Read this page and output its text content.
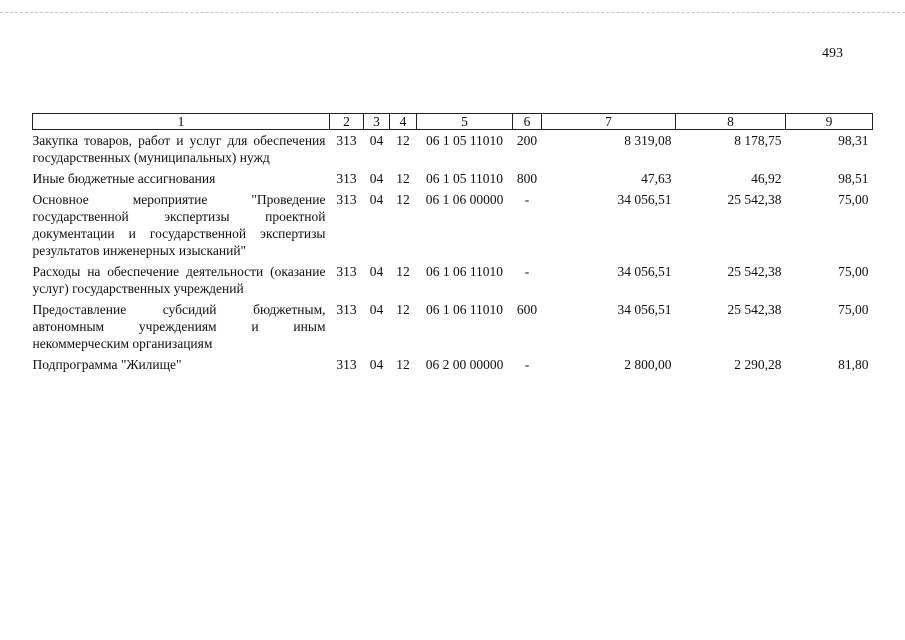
493
1	2	3	4	5	6	7	8	9
Закупка товаров, работ и услуг для обеспечения государственных (муниципальных) нужд	313	04	12	06 1 05 11010	200	8 319,08	8 178,75	98,31
Иные бюджетные ассигнования	313	04	12	06 1 05 11010	800	47,63	46,92	98,51
Основное мероприятие "Проведение государственной экспертизы проектной документации и государственной экспертизы результатов инженерных изысканий"	313	04	12	06 1 06 00000	-	34 056,51	25 542,38	75,00
Расходы на обеспечение деятельности (оказание услуг) государственных учреждений	313	04	12	06 1 06 11010	-	34 056,51	25 542,38	75,00
Предоставление субсидий бюджетным, автономным учреждениям и иным некоммерческим организациям	313	04	12	06 1 06 11010	600	34 056,51	25 542,38	75,00
Подпрограмма "Жилище"	313	04	12	06 2 00 00000	-	2 800,00	2 290,28	81,80
